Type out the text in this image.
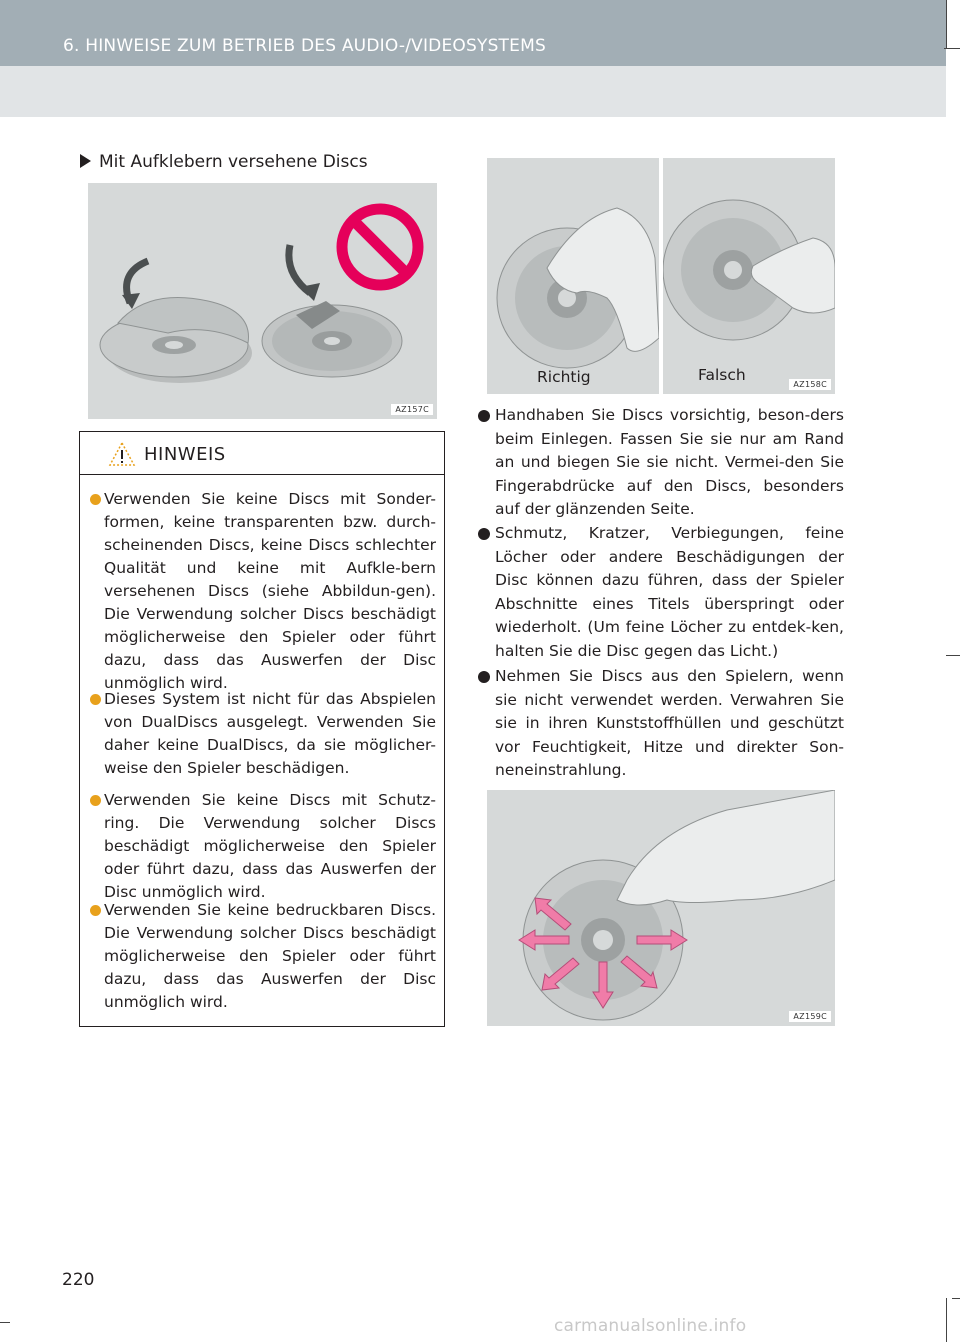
6. HINWEISE ZUM BETRIEB DES AUDIO-/VIDEOSYSTEMS
Mit Aufklebern versehene Discs
AZ157C
AZ158C
Richtig	Falsch
Handhaben Sie Discs vorsichtig, beson-ders beim Einlegen. Fassen Sie sie nur am Rand an und biegen Sie sie nicht. Vermei-den Sie Fingerabdrücke auf den Discs, besonders auf der glänzenden Seite.
Schmutz, Kratzer, Verbiegungen, feine Löcher oder andere Beschädigungen der Disc können dazu führen, dass der Spieler Abschnitte eines Titels überspringt oder wiederholt. (Um feine Löcher zu entdek-ken, halten Sie die Disc gegen das Licht.)
Nehmen Sie Discs aus den Spielern, wenn sie nicht verwendet werden. Verwahren Sie sie in ihren Kunststoffhüllen und geschützt vor Feuchtigkeit, Hitze und direkter Son-neneinstrahlung.
AZ159C
HINWEIS
Verwenden Sie keine Discs mit Sonder-formen, keine transparenten bzw. durch-scheinenden Discs, keine Discs schlechter Qualität und keine mit Aufkle-bern versehenen Discs (siehe Abbildun-gen). Die Verwendung solcher Discs beschädigt möglicherweise den Spieler oder führt dazu, dass das Auswerfen der Disc unmöglich wird.
Dieses System ist nicht für das Abspielen von DualDiscs ausgelegt. Verwenden Sie daher keine DualDiscs, da sie möglicher-weise den Spieler beschädigen.
Verwenden Sie keine Discs mit Schutz-ring. Die Verwendung solcher Discs beschädigt möglicherweise den Spieler oder führt dazu, dass das Auswerfen der Disc unmöglich wird.
Verwenden Sie keine bedruckbaren Discs. Die Verwendung solcher Discs beschädigt möglicherweise den Spieler oder führt dazu, dass das Auswerfen der Disc unmöglich wird.
220
carmanualsonline.info
